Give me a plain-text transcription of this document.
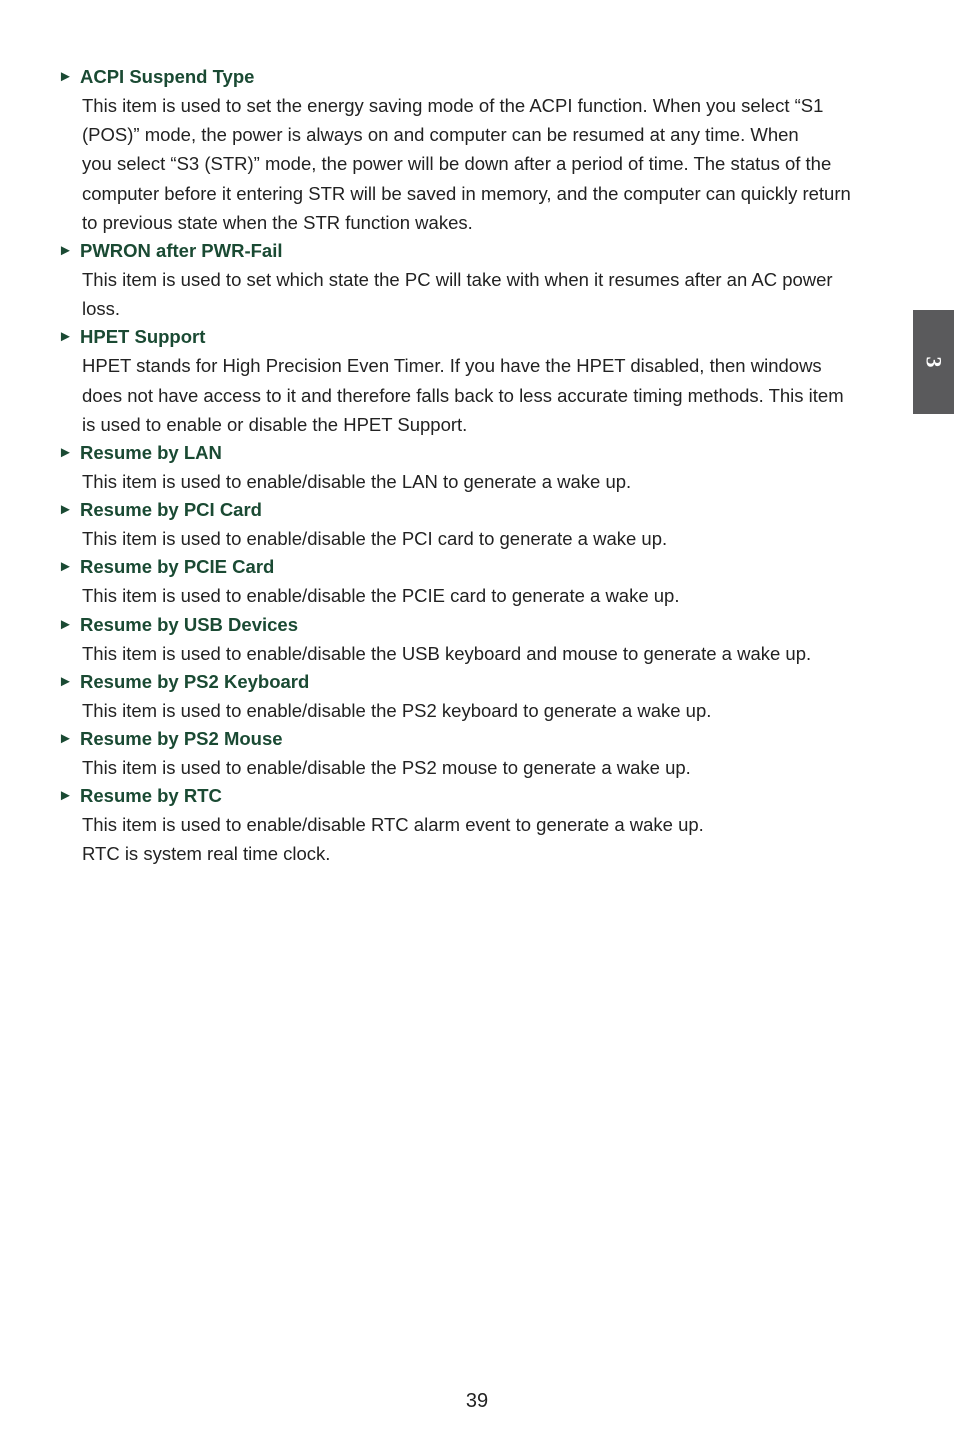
► ACPI Suspend Type

This item is used to set the energy saving mode of the ACPI function. When you select “S1

(POS)” mode, the power is always on and computer can be resumed at any time. When

you select “S3 (STR)” mode, the power will be down after a period of time. The status of the

computer before it entering STR will be saved in memory, and the computer can quickly return

to previous state when the STR function wakes.

► PWRON after PWR-Fail

This item is used to set which state the PC will take with when it resumes after an AC power

loss.

► HPET Support

HPET stands for High Precision Even Timer. If you have the HPET disabled, then windows

does not have access to it and therefore falls back to less accurate timing methods. This item

is used to enable or disable the HPET Support.

► Resume by LAN

This item is used to enable/disable the LAN to generate a wake up.

► Resume by PCI Card

This item is used to enable/disable the PCI card to generate a wake up.

► Resume by PCIE Card

This item is used to enable/disable the PCIE card to generate a wake up.

► Resume by USB Devices

This item is used to enable/disable the USB keyboard and mouse to generate a wake up.

► Resume by PS2 Keyboard

This item is used to enable/disable the PS2 keyboard to generate a wake up.

► Resume by PS2 Mouse

This item is used to enable/disable the PS2 mouse to generate a wake up.

► Resume by RTC

This item is used to enable/disable RTC alarm event to generate a wake up.

RTC is system real time clock.

3
39
